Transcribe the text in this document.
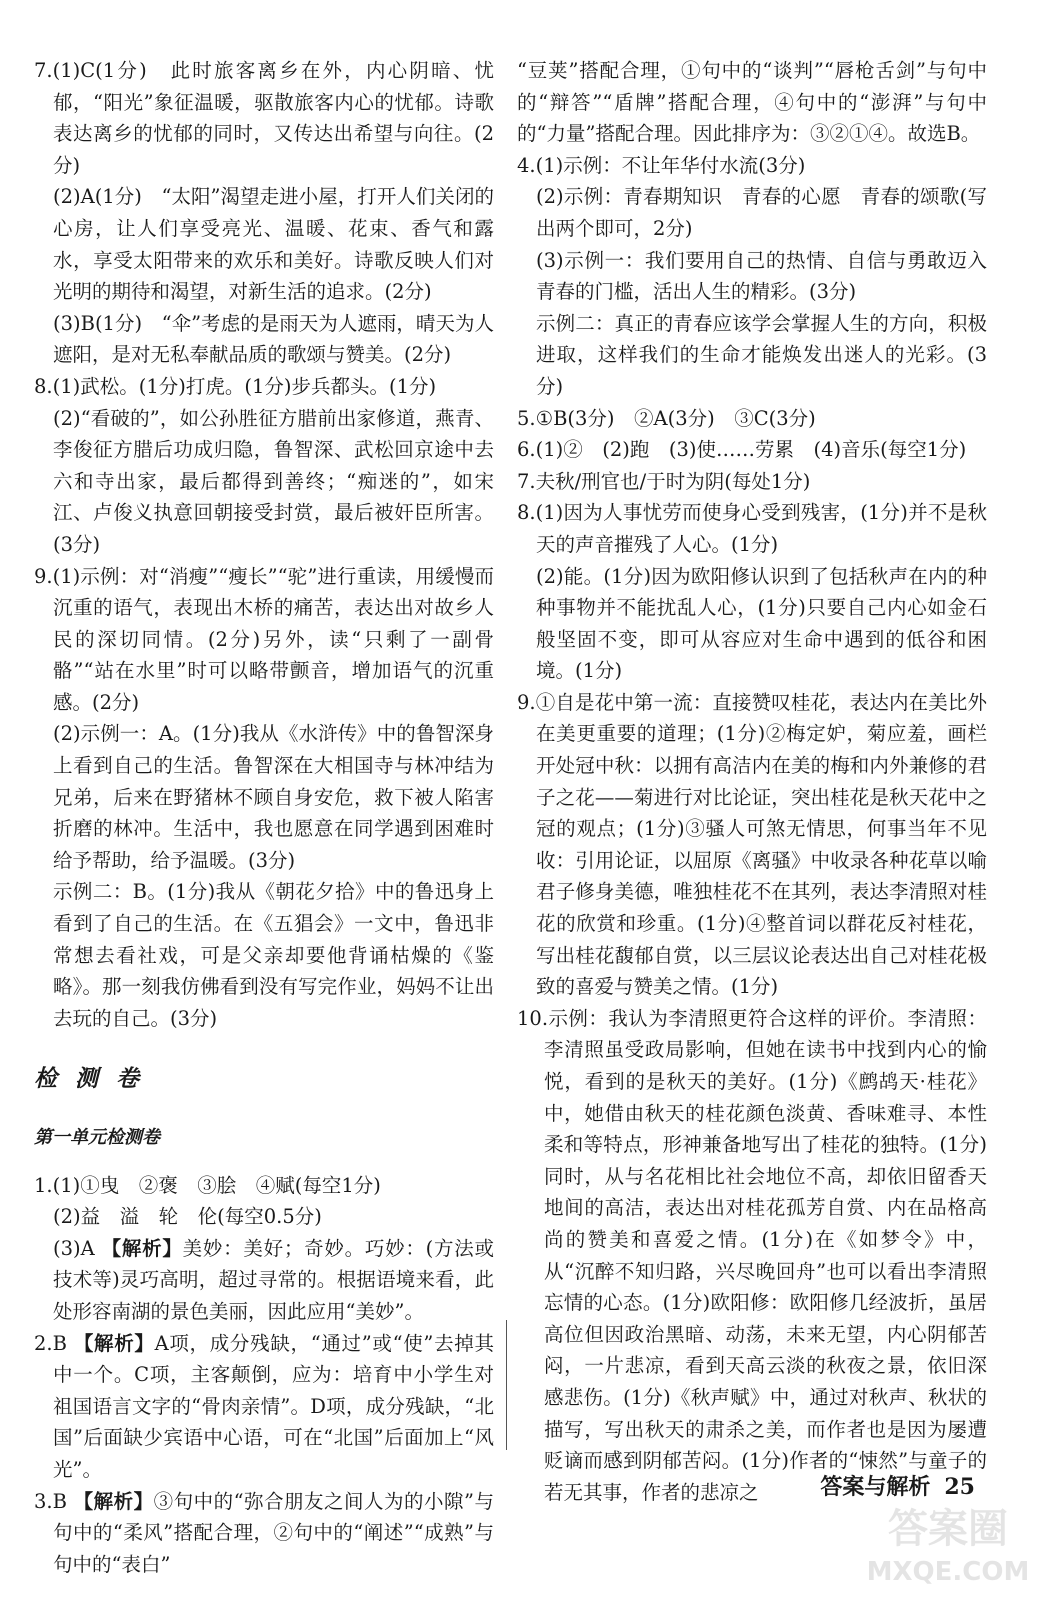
7.(1)C(1分)　此时旅客离乡在外，内心阴暗、忧郁，“阳光”象征温暖，驱散旅客内心的忧郁。诗歌表达离乡的忧郁的同时，又传达出希望与向往。(2分)

(2)A(1分)　“太阳”渴望走进小屋，打开人们关闭的心房，让人们享受亮光、温暖、花束、香气和露水，享受太阳带来的欢乐和美好。诗歌反映人们对光明的期待和渴望，对新生活的追求。(2分)

(3)B(1分)　“伞”考虑的是雨天为人遮雨，晴天为人遮阳，是对无私奉献品质的歌颂与赞美。(2分)

8.(1)武松。(1分)打虎。(1分)步兵都头。(1分)

(2)“看破的”，如公孙胜征方腊前出家修道，燕青、李俊征方腊后功成归隐，鲁智深、武松回京途中去六和寺出家，最后都得到善终；“痴迷的”，如宋江、卢俊义执意回朝接受封赏，最后被奸臣所害。(3分)

9.(1)示例：对“消瘦”“瘦长”“驼”进行重读，用缓慢而沉重的语气，表现出木桥的痛苦，表达出对故乡人民的深切同情。(2分)另外，读“只剩了一副骨骼”“站在水里”时可以略带颤音，增加语气的沉重感。(2分)

(2)示例一：A。(1分)我从《水浒传》中的鲁智深身上看到自己的生活。鲁智深在大相国寺与林冲结为兄弟，后来在野猪林不顾自身安危，救下被人陷害折磨的林冲。生活中，我也愿意在同学遇到困难时给予帮助，给予温暖。(3分)

示例二：B。(1分)我从《朝花夕拾》中的鲁迅身上看到了自己的生活。在《五猖会》一文中，鲁迅非常想去看社戏，可是父亲却要他背诵枯燥的《鉴略》。那一刻我仿佛看到没有写完作业，妈妈不让出去玩的自己。(3分)

检测卷
第一单元检测卷

1.(1)①曳　②褒　③脍　④赋(每空1分)

(2)益　溢　轮　伦(每空0.5分)

(3)A 【解析】美妙：美好；奇妙。巧妙：(方法或技术等)灵巧高明，超过寻常的。根据语境来看，此处形容南湖的景色美丽，因此应用“美妙”。

2.B 【解析】A项，成分残缺，“通过”或“使”去掉其中一个。C项，主客颠倒，应为：培育中小学生对祖国语言文字的“骨肉亲情”。D项，成分残缺，“北国”后面缺少宾语中心语，可在“北国”后面加上“风光”。

3.B 【解析】③句中的“弥合朋友之间人为的小隙”与句中的“柔风”搭配合理，②句中的“阐述”“成熟”与句中的“表白”

“豆荚”搭配合理，①句中的“谈判”“唇枪舌剑”与句中的“辩答”“盾牌”搭配合理，④句中的“澎湃”与句中的“力量”搭配合理。因此排序为：③②①④。故选B。

4.(1)示例：不让年华付水流(3分)

(2)示例：青春期知识　青春的心愿　青春的颂歌(写出两个即可，2分)

(3)示例一：我们要用自己的热情、自信与勇敢迈入青春的门槛，活出人生的精彩。(3分)

示例二：真正的青春应该学会掌握人生的方向，积极进取，这样我们的生命才能焕发出迷人的光彩。(3分)

5.①B(3分)　②A(3分)　③C(3分)

6.(1)②　(2)跑　(3)使……劳累　(4)音乐(每空1分)

7.夫秋/刑官也/于时为阴(每处1分)

8.(1)因为人事忧劳而使身心受到残害，(1分)并不是秋天的声音摧残了人心。(1分)

(2)能。(1分)因为欧阳修认识到了包括秋声在内的种种事物并不能扰乱人心，(1分)只要自己内心如金石般坚固不变，即可从容应对生命中遇到的低谷和困境。(1分)

9.①自是花中第一流：直接赞叹桂花，表达内在美比外在美更重要的道理；(1分)②梅定妒，菊应羞，画栏开处冠中秋：以拥有高洁内在美的梅和内外兼修的君子之花——菊进行对比论证，突出桂花是秋天花中之冠的观点；(1分)③骚人可煞无情思，何事当年不见收：引用论证，以屈原《离骚》中收录各种花草以喻君子修身美德，唯独桂花不在其列，表达李清照对桂花的欣赏和珍重。(1分)④整首词以群花反衬桂花，写出桂花馥郁自赏，以三层议论表达出自己对桂花极致的喜爱与赞美之情。(1分)

10.示例：我认为李清照更符合这样的评价。李清照：李清照虽受政局影响，但她在读书中找到内心的愉悦，看到的是秋天的美好。(1分)《鹧鸪天·桂花》中，她借由秋天的桂花颜色淡黄、香味难寻、本性柔和等特点，形神兼备地写出了桂花的独特。(1分)同时，从与名花相比社会地位不高，却依旧留香天地间的高洁，表达出对桂花孤芳自赏、内在品格高尚的赞美和喜爱之情。(1分)在《如梦令》中，从“沉醉不知归路，兴尽晚回舟”也可以看出李清照忘情的心态。(1分)欧阳修：欧阳修几经波折，虽居高位但因政治黑暗、动荡，未来无望，内心阴郁苦闷，一片悲凉，看到天高云淡的秋夜之景，依旧深感悲伤。(1分)《秋声赋》中，通过对秋声、秋状的描写，写出秋天的肃杀之美，而作者也是因为屡遭贬谪而感到阴郁苦闷。(1分)作者的“悚然”与童子的若无其事，作者的悲凉之	答案与解析 25
答案圈
MXQE.COM
